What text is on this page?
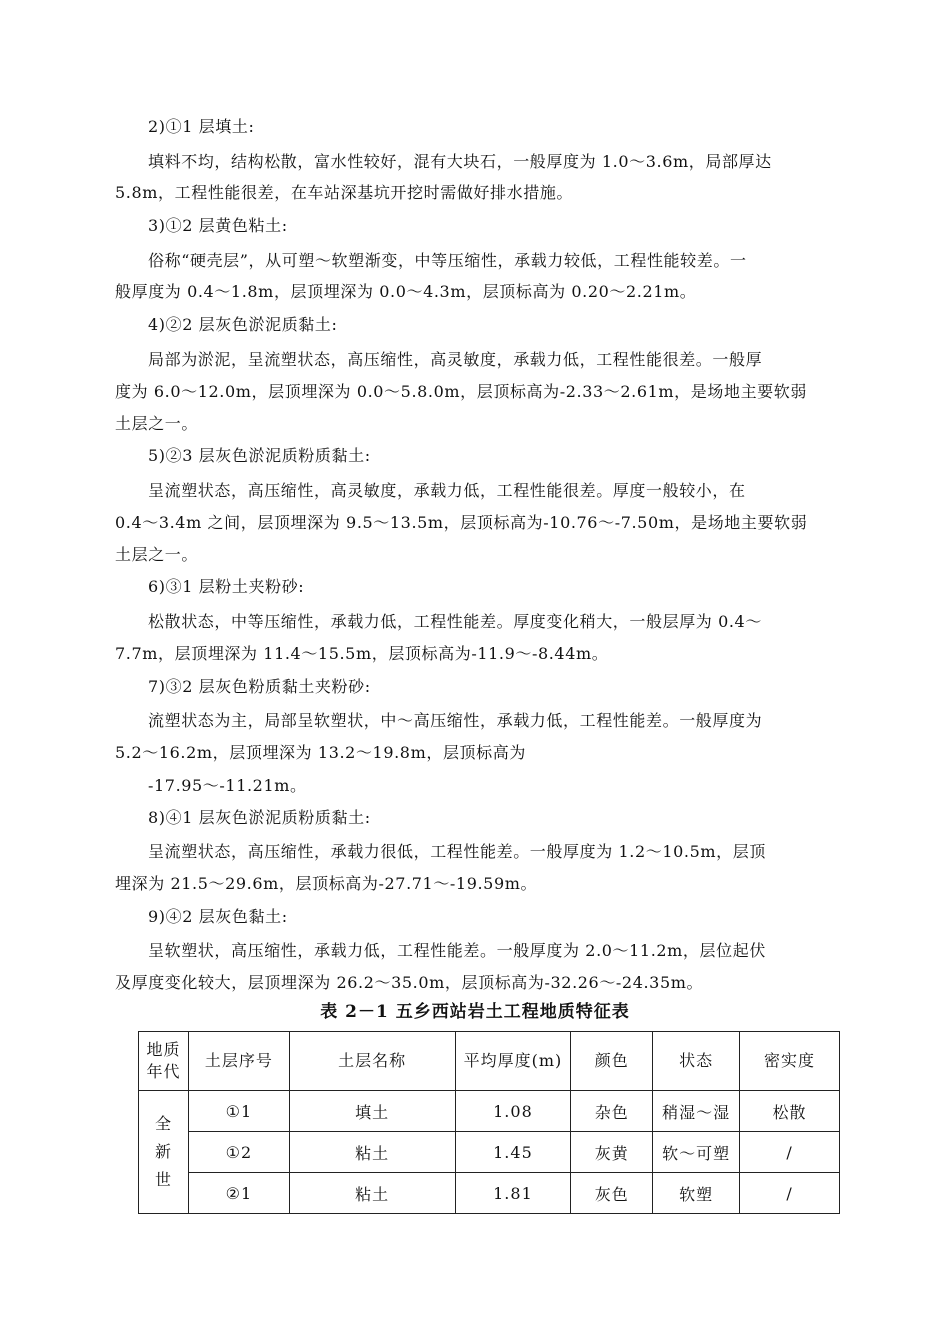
2)①1 层填土:
填料不均，结构松散，富水性较好，混有大块石，一般厚度为 1.0～3.6m，局部厚达
5.8m，工程性能很差，在车站深基坑开挖时需做好排水措施。
3)①2 层黄色粘土:
俗称“硬壳层”，从可塑～软塑渐变，中等压缩性，承载力较低，工程性能较差。一
般厚度为 0.4～1.8m，层顶埋深为 0.0～4.3m，层顶标高为 0.20～2.21m。
4)②2 层灰色淤泥质黏土:
局部为淤泥，呈流塑状态，高压缩性，高灵敏度，承载力低，工程性能很差。一般厚
度为 6.0～12.0m，层顶埋深为 0.0～5.8.0m，层顶标高为-2.33～2.61m，是场地主要软弱
土层之一。
5)②3 层灰色淤泥质粉质黏土:
呈流塑状态，高压缩性，高灵敏度，承载力低，工程性能很差。厚度一般较小，在
0.4～3.4m 之间，层顶埋深为 9.5～13.5m，层顶标高为-10.76～-7.50m，是场地主要软弱
土层之一。
6)③1 层粉土夹粉砂:
松散状态，中等压缩性，承载力低，工程性能差。厚度变化稍大，一般层厚为 0.4～
7.7m，层顶埋深为 11.4～15.5m，层顶标高为-11.9～-8.44m。
7)③2 层灰色粉质黏土夹粉砂:
流塑状态为主，局部呈软塑状，中～高压缩性，承载力低，工程性能差。一般厚度为
5.2～16.2m，层顶埋深为 13.2～19.8m，层顶标高为
-17.95～-11.21m。
8)④1 层灰色淤泥质粉质黏土:
呈流塑状态，高压缩性，承载力很低，工程性能差。一般厚度为 1.2～10.5m，层顶
埋深为 21.5～29.6m，层顶标高为-27.71～-19.59m。
9)④2 层灰色黏土:
呈软塑状，高压缩性，承载力低，工程性能差。一般厚度为 2.0～11.2m，层位起伏
及厚度变化较大，层顶埋深为 26.2～35.0m，层顶标高为-32.26～-24.35m。
表 2－1 五乡西站岩土工程地质特征表
地质
年代	土层序号	土层名称	平均厚度(m)	颜色	状态	密实度

全
新
世	①1	填土	1.08	杂色	稍湿～湿	松散
	①2	粘土	1.45	灰黄	软～可塑	/
	②1	粘土	1.81	灰色	软塑	/
